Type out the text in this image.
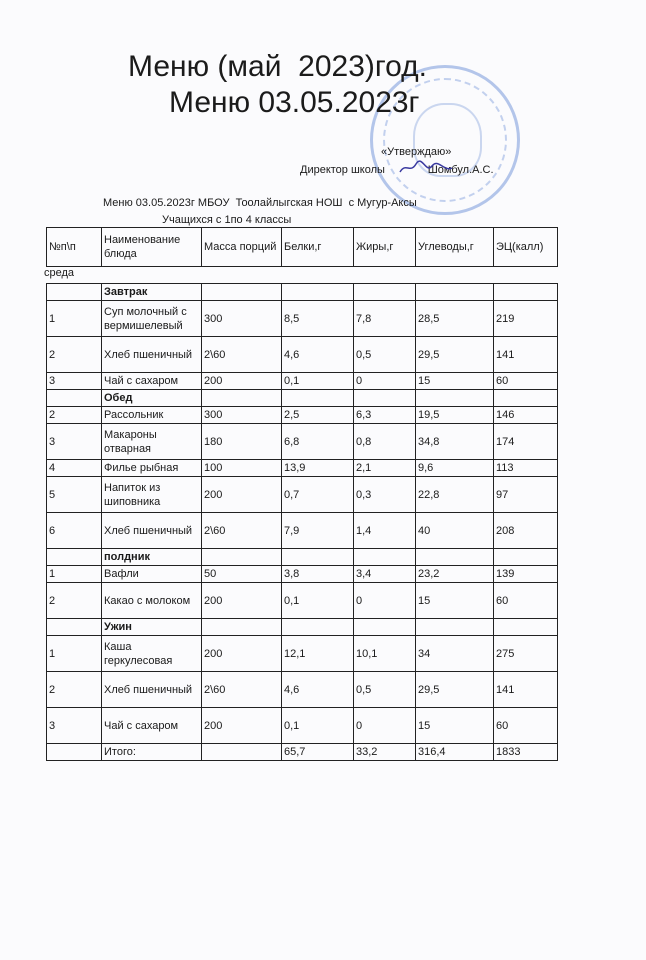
Меню (май  2023)год.
Меню 03.05.2023г
«Утверждаю»
Директор школы              Шомбул.А.С.
Меню 03.05.2023г МБОУ  Тоолайлыгская НОШ  с Мугур-Аксы
Учащихся с 1по 4 классы
№п\п	Наименование блюда	Масса порций	Белки,г	Жиры,г	Углеводы,г	ЭЦ(калл)
среда
	Завтрак					
1	Суп молочный с вермишелевый	300	8,5	7,8	28,5	219
2	Хлеб пшеничный	2\60	4,6	0,5	29,5	141
3	Чай с сахаром	200	0,1	0	15	60
	Обед					
2	Рассольник	300	2,5	6,3	19,5	146
3	Макароны отварная	180	6,8	0,8	34,8	174
4	Филье рыбная	100	13,9	2,1	9,6	113
5	Напиток из шиповника	200	0,7	0,3	22,8	97
6	Хлеб пшеничный	2\60	7,9	1,4	40	208
	полдник					
1	Вафли	50	3,8	3,4	23,2	139
2	Какао с молоком	200	0,1	0	15	60
	Ужин					
1	Каша геркулесовая	200	12,1	10,1	34	275
2	Хлеб пшеничный	2\60	4,6	0,5	29,5	141
3	Чай с сахаром	200	0,1	0	15	60
	Итого:		65,7	33,2	316,4	1833
